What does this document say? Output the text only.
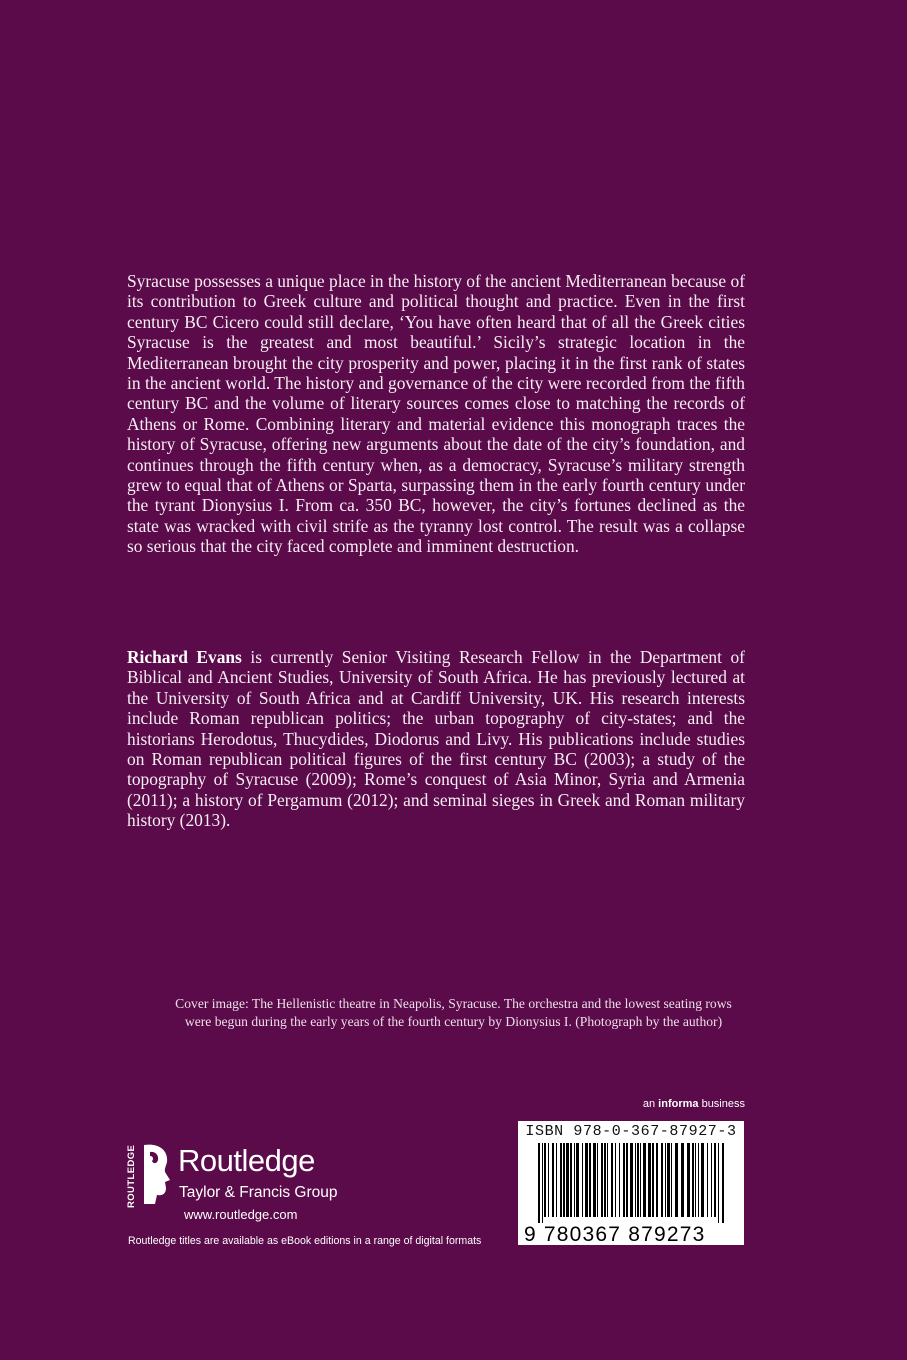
Syracuse possesses a unique place in the history of the ancient Mediterranean because of its contribution to Greek culture and political thought and practice. Even in the first century BC Cicero could still declare, ‘You have often heard that of all the Greek cities Syracuse is the greatest and most beautiful.’ Sicily’s strategic location in the Mediterranean brought the city prosperity and power, placing it in the first rank of states in the ancient world. The history and governance of the city were recorded from the fifth century BC and the volume of literary sources comes close to matching the records of Athens or Rome. Combining literary and material evidence this monograph traces the history of Syracuse, offering new arguments about the date of the city’s foundation, and continues through the fifth century when, as a democracy, Syracuse’s military strength grew to equal that of Athens or Sparta, surpassing them in the early fourth century under the tyrant Dionysius I. From ca. 350 BC, however, the city’s fortunes declined as the state was wracked with civil strife as the tyranny lost control. The result was a collapse so serious that the city faced complete and imminent destruction.

Richard Evans is currently Senior Visiting Research Fellow in the Department of Biblical and Ancient Studies, University of South Africa. He has previously lectured at the University of South Africa and at Cardiff University, UK. His research interests include Roman republican politics; the urban topography of city-states; and the historians Herodotus, Thucydides, Diodorus and Livy. His publications include studies on Roman republican political figures of the first century BC (2003); a study of the topography of Syracuse (2009); Rome’s conquest of Asia Minor, Syria and Armenia (2011); a history of Pergamum (2012); and seminal sieges in Greek and Roman military history (2013).

Cover image: The Hellenistic theatre in Neapolis, Syracuse. The orchestra and the lowest seating rows
were begun during the early years of the fourth century by Dionysius I. (Photograph by the author)

an informa business
ROUTLEDGE Routledge
Taylor & Francis Group
www.routledge.com
Routledge titles are available as eBook editions in a range of digital formats
ISBN 978-0-367-87927-3
9 780367 879273
